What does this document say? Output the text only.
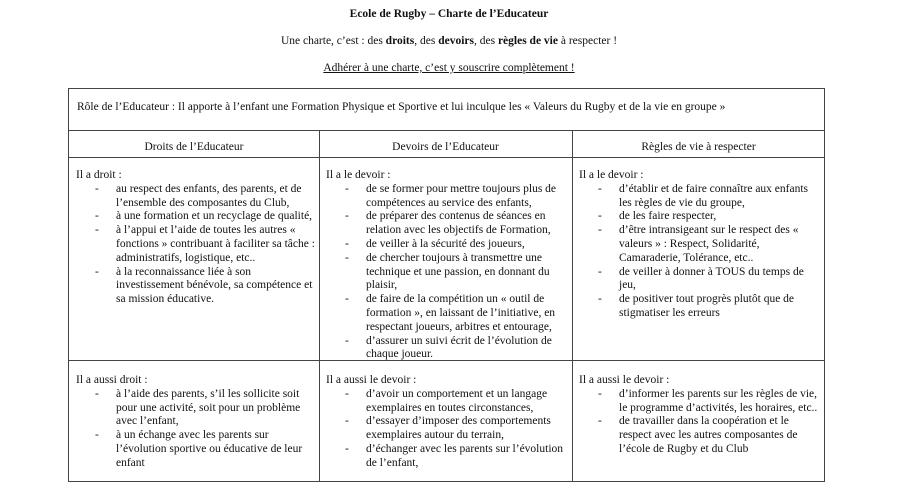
Ecole de Rugby – Charte de l’Educateur
Une charte, c’est : des droits, des devoirs, des règles de vie à respecter !
Adhérer à une charte, c’est y souscrire complètement !
Rôle de l’Educateur : Il apporte à l’enfant une Formation Physique et Sportive et lui inculque les « Valeurs du Rugby et de la vie en groupe »
Droits de l’Educateur	Devoirs de l’Educateur	Règles de vie à respecter
Il a droit :
- au respect des enfants, des parents, et de l’ensemble des composantes du Club,
- à une formation et un recyclage de qualité,
- à l’appui et l’aide de toutes les autres « fonctions » contribuant à faciliter sa tâche : administratifs, logistique, etc..
- à la reconnaissance liée à son investissement bénévole, sa compétence et sa mission éducative.
Il a le devoir :
- de se former pour mettre toujours plus de compétences au service des enfants,
- de préparer des contenus de séances en relation avec les objectifs de Formation,
- de veiller à la sécurité des joueurs,
- de chercher toujours à transmettre une technique et une passion, en donnant du plaisir,
- de faire de la compétition un « outil de formation », en laissant de l’initiative, en respectant joueurs, arbitres et entourage,
- d’assurer un suivi écrit de l’évolution de chaque joueur.
Il a le devoir :
- d’établir et de faire connaître aux enfants les règles de vie du groupe,
- de les faire respecter,
- d’être intransigeant sur le respect des « valeurs » : Respect, Solidarité, Camaraderie, Tolérance, etc..
- de veiller à donner à TOUS du temps de jeu,
- de positiver tout progrès plutôt que de stigmatiser les erreurs
Il a aussi droit :
- à l’aide des parents, s’il les sollicite soit pour une activité, soit pour un problème avec l’enfant,
- à un échange avec les parents sur l’évolution sportive ou éducative de leur enfant
Il a aussi le devoir :
- d’avoir un comportement et un langage exemplaires en toutes circonstances,
- d’essayer d’imposer des comportements exemplaires autour du terrain,
- d’échanger avec les parents sur l’évolution de l’enfant,
Il a aussi le devoir :
- d’informer les parents sur les règles de vie, le programme d’activités, les horaires, etc..
- de travailler dans la coopération et le respect avec les autres composantes de l’école de Rugby et du Club
